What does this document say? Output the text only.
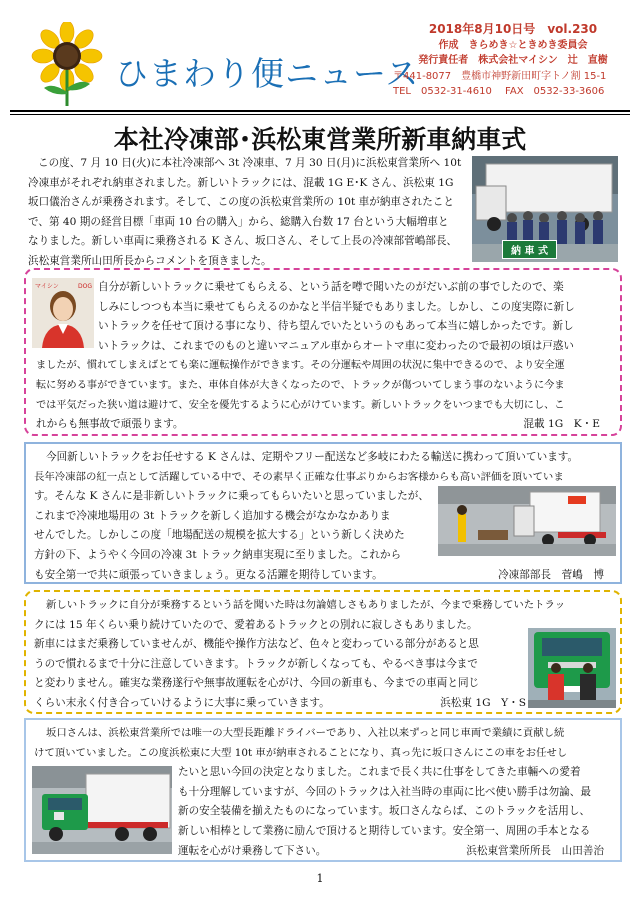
ひまわり便ニュース
2018年8月10日号　 vol.230
作成　きらめき☆ときめき委員会
発行責任者　株式会社マイシン　辻　直樹
〒441-8077　豊橋市神野新田町字トノ割 15-1
TEL　0532-31-4610　 FAX　0532-33-3606
本社冷凍部･浜松東営業所新車納車式
この度、7 月 10 日(火)に本社冷凍部へ 3t 冷凍車、7 月 30 日(月)に浜松東営業所へ 10t
冷凍車がそれぞれ納車されました。新しいトラックには、混載 1G E･K さん、浜松東 1G
坂口儀治さんが乗務されます。そして、この度の浜松東営業所の 10t 車が納車されたこと
で、第 40 期の経営目標「車両 10 台の購入」から、総購入台数 17 台という大幅増車と
なりました。新しい車両に乗務される K さん、坂口さん、そして上長の冷凍部菅嶋部長、
浜松東営業所山田所長からコメントを頂きました。
納 車 式
マイシン	DOG 自分が新しいトラックに乗せてもらえる、という話を噂で聞いたのがだいぶ前の事でしたので、楽
しみにしつつも本当に乗せてもらえるのかなと半信半疑でもありました。しかし、この度実際に新し
いトラックを任せて頂ける事になり、待ち望んでいたというのもあって本当に嬉しかったです。新し
いトラックは、これまでのものと違いマニュアル車からオートマ車に変わったので最初の頃は戸惑い
ましたが、慣れてしまえばとても楽に運転操作ができます。その分運転や周囲の状況に集中できるので、より安全運
転に努める事ができています。また、車体自体が大きくなったので、トラックが傷ついてしまう事のないように今ま
では平気だった狭い道は避けて、安全を優先するように心がけています。新しいトラックをいつまでも大切にし、こ
れからも無事故で頑張ります。	混載 1G　K・E
今回新しいトラックをお任せする K さんは、定期やフリー配送など多岐にわたる輸送に携わって頂いています。
長年冷凍部の紅一点として活躍している中で、その素早く正確な仕事ぶりからお客様からも高い評価を頂いていま
す。そんな K さんに是非新しいトラックに乗ってもらいたいと思っていましたが、
これまで冷凍地場用の 3t トラックを新しく追加する機会がなかなかありま
せんでした。しかしこの度「地場配送の規模を拡大する」という新しく決めた
方針の下、ようやく今回の冷凍 3t トラック納車実現に至りました。これから
も安全第一で共に頑張っていきましょう。更なる活躍を期待しています。	冷凍部部長　菅嶋　博
新しいトラックに自分が乗務するという話を聞いた時は勿論嬉しさもありましたが、今まで乗務していたトラッ
クには 15 年くらい乗り続けていたので、愛着あるトラックとの別れに寂しさもありました。
新車にはまだ乗務していませんが、機能や操作方法など、色々と変わっている部分があると思
うので慣れるまで十分に注意していきます。トラックが新しくなっても、やるべき事は今まで
と変わりません。確実な業務遂行や無事故運転を心がけ、今回の新車も、今までの車両と同じ
くらい末永く付き合っていけるように大事に乗っていきます。	浜松東 1G　Y・S
坂口さんは、浜松東営業所では唯一の大型長距離ドライバーであり、入社以来ずっと同じ車両で業績に貢献し続
けて頂いていました。この度浜松東に大型 10t 車が納車されることになり、真っ先に坂口さんにこの車をお任せし
たいと思い今回の決定となりました。これまで長く共に仕事をしてきた車輛への愛着
も十分理解していますが、今回のトラックは入社当時の車両に比べ使い勝手は勿論、最
新の安全装備を揃えたものになっています。坂口さんならば、このトラックを活用し、
新しい相棒として業務に励んで頂けると期待しています。安全第一、周囲の手本となる
運転を心がけ乗務して下さい。	浜松東営業所所長　山田善治
1
